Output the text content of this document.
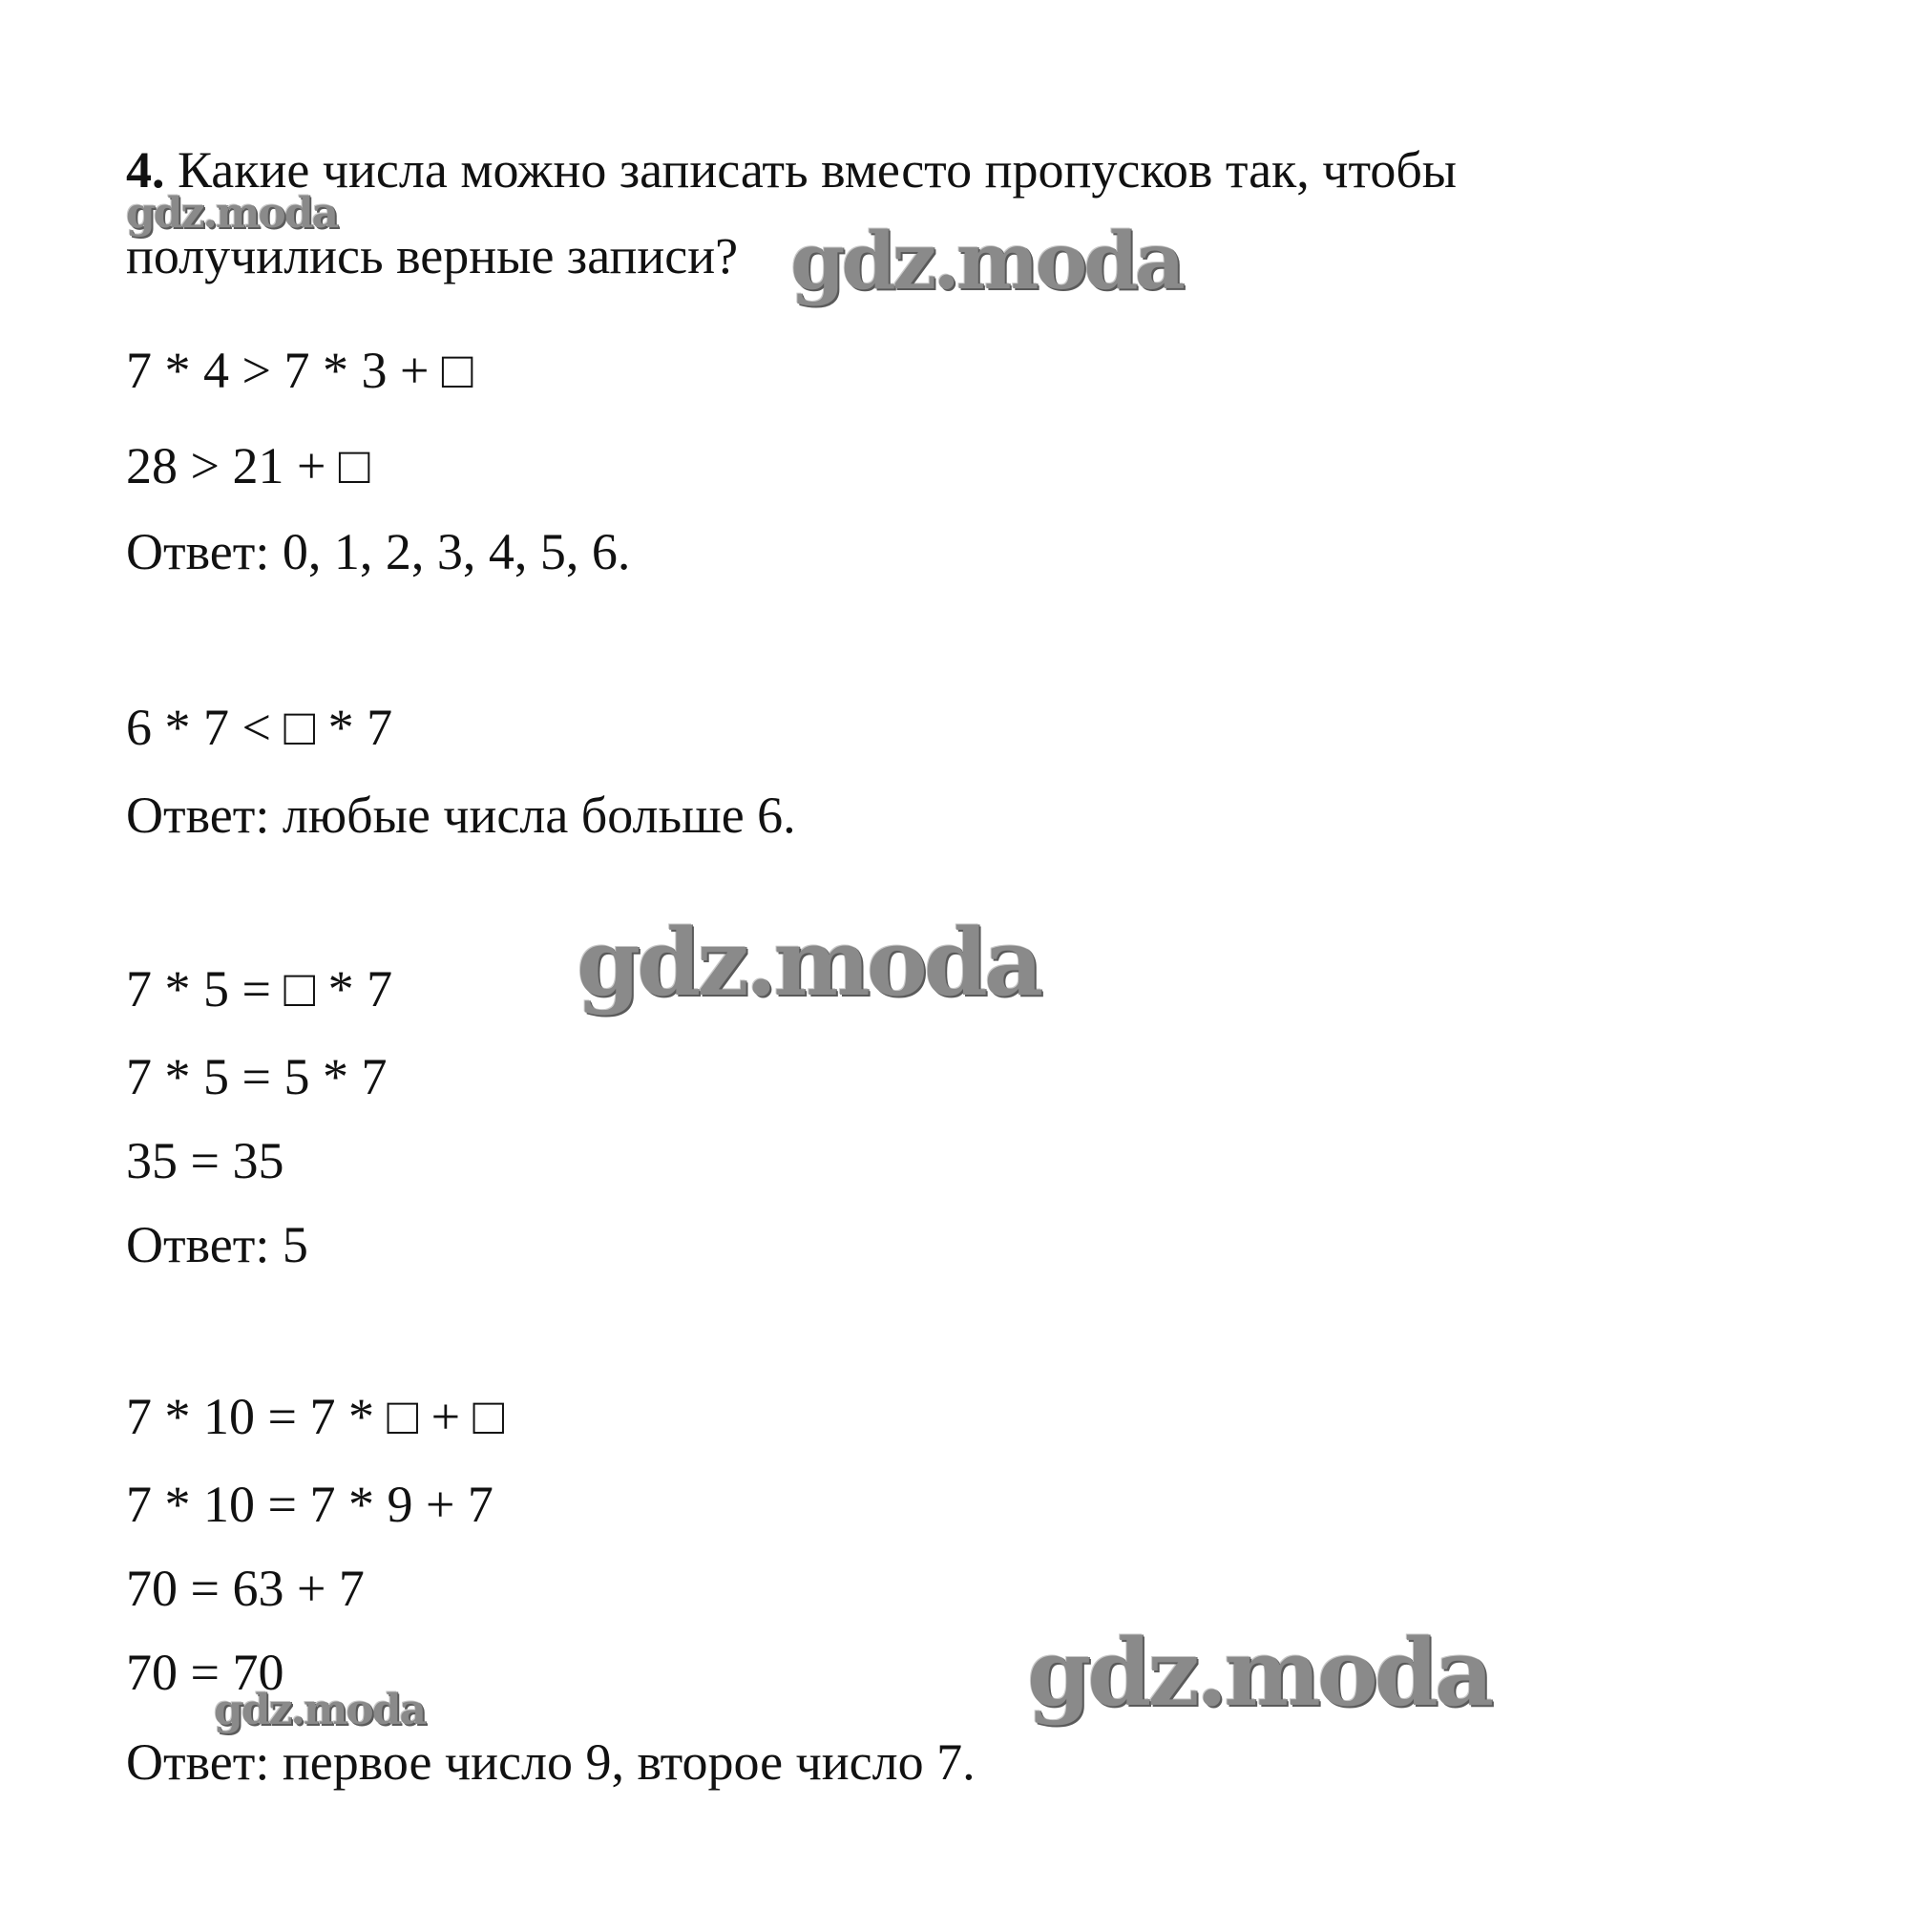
4. Какие числа можно записать вместо пропусков так, чтобы
получились верные записи?
7 * 4 > 7 * 3 + □
28 > 21 + □
Ответ: 0, 1, 2, 3, 4, 5, 6.
6 * 7 < □ * 7
Ответ: любые числа больше 6.
7 * 5 = □ * 7
7 * 5 = 5 * 7
35 = 35
Ответ: 5
7 * 10 = 7 * □ + □
7 * 10 = 7 * 9 + 7
70 = 63 + 7
70 = 70
Ответ: первое число 9, второе число 7.
gdz.moda
gdz.moda
gdz.moda
gdz.moda	gdz.moda
